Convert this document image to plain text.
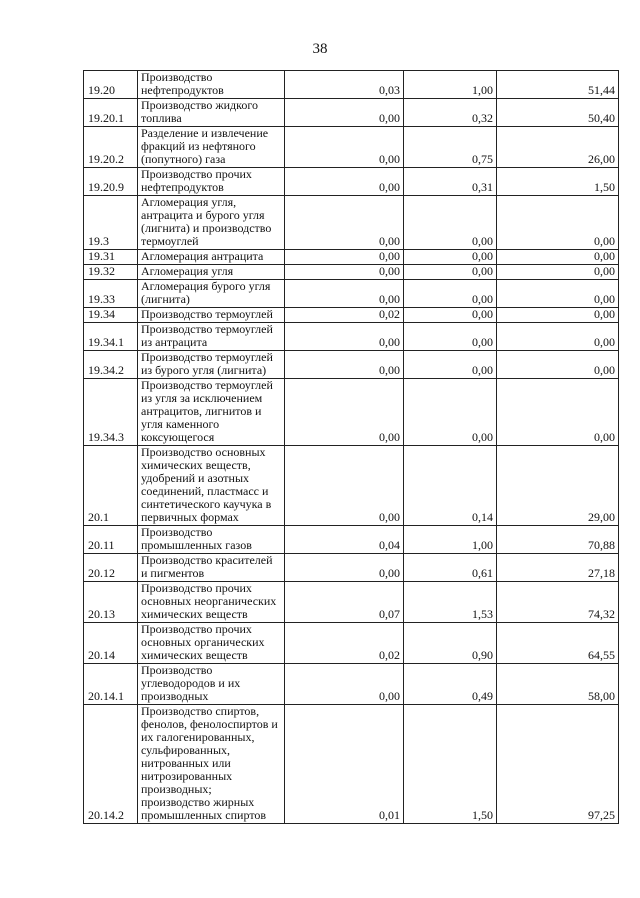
38
19.20	Производство нефтепродуктов	0,03	1,00	51,44
19.20.1	Производство жидкого топлива	0,00	0,32	50,40
19.20.2	Разделение и извлечение фракций из нефтяного (попутного) газа	0,00	0,75	26,00
19.20.9	Производство прочих нефтепродуктов	0,00	0,31	1,50
19.3	Агломерация угля, антрацита и бурого угля (лигнита) и производство термоуглей	0,00	0,00	0,00
19.31	Агломерация антрацита	0,00	0,00	0,00
19.32	Агломерация угля	0,00	0,00	0,00
19.33	Агломерация бурого угля (лигнита)	0,00	0,00	0,00
19.34	Производство термоуглей	0,02	0,00	0,00
19.34.1	Производство термоуглей из антрацита	0,00	0,00	0,00
19.34.2	Производство термоуглей из бурого угля (лигнита)	0,00	0,00	0,00
19.34.3	Производство термоуглей из угля за исключением антрацитов, лигнитов и угля каменного коксующегося	0,00	0,00	0,00
20.1	Производство основных химических веществ, удобрений и азотных соединений, пластмасс и синтетического каучука в первичных формах	0,00	0,14	29,00
20.11	Производство промышленных газов	0,04	1,00	70,88
20.12	Производство красителей и пигментов	0,00	0,61	27,18
20.13	Производство прочих основных неорганических химических веществ	0,07	1,53	74,32
20.14	Производство прочих основных органических химических веществ	0,02	0,90	64,55
20.14.1	Производство углеводородов и их производных	0,00	0,49	58,00
20.14.2	Производство спиртов, фенолов, фенолоспиртов и их галогенированных, сульфированных, нитрованных или нитрозированных производных; производство жирных промышленных спиртов	0,01	1,50	97,25
